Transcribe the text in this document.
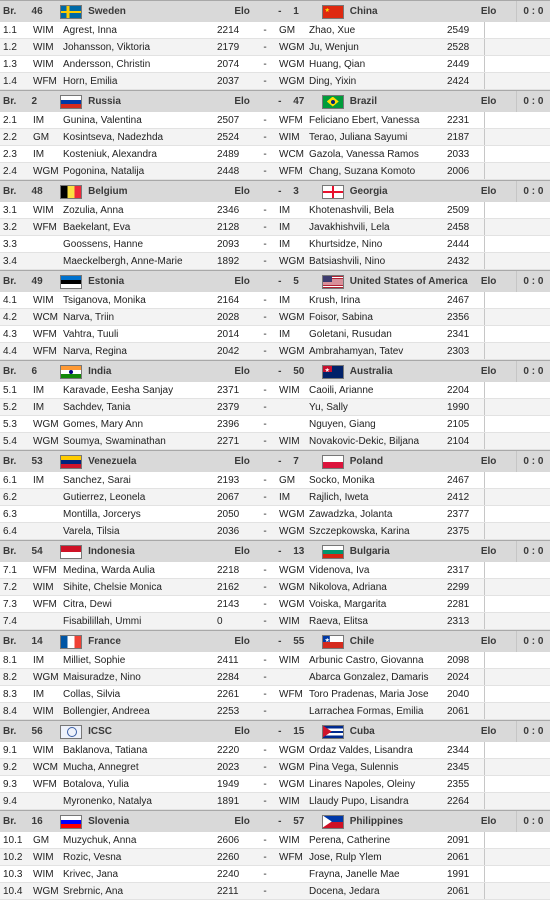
Br.	46	Sweden	Elo	-	1	China	Elo	0 : 0
1.1	WIM Agrest, Inna	2214	-	GM	Zhao, Xue	2549
1.2	WIM Johansson, Viktoria	2179	-	WGM Ju, Wenjun	2528
1.3	WIM Andersson, Christin	2074	-	WGM Huang, Qian	2449
1.4	WFM Horn, Emilia	2037	-	WGM Ding, Yixin	2424
Br.	2	Russia	Elo	-	47	Brazil	Elo	0 : 0
2.1	IM	Gunina, Valentina	2507	-	WFM Feliciano Ebert, Vanessa	2231
2.2	GM	Kosintseva, Nadezhda	2524	-	WIM Terao, Juliana Sayumi	2187
2.3	IM	Kosteniuk, Alexandra	2489	-	WCM Gazola, Vanessa Ramos	2033
2.4	WGM Pogonina, Natalija	2448	-	WFM Chang, Suzana Komoto	2006
Br.	48	Belgium	Elo	-	3	Georgia	Elo	0 : 0
3.1	WIM Zozulia, Anna	2346	-	IM	Khotenashvili, Bela	2509
3.2	WFM Baekelant, Eva	2128	-	IM	Javakhishvili, Lela	2458
3.3	Goossens, Hanne	2093	-	IM	Khurtsidze, Nino	2444
3.4	Maeckelbergh, Anne-Marie	1892	-	WGM Batsiashvili, Nino	2432
Br.	49	Estonia	Elo	-	5	United States of America	Elo	0 : 0
4.1	WIM Tsiganova, Monika	2164	-	IM	Krush, Irina	2467
4.2	WCM Narva, Triin	2028	-	WGM Foisor, Sabina	2356
4.3	WFM Vahtra, Tuuli	2014	-	IM	Goletani, Rusudan	2341
4.4	WFM Narva, Regina	2042	-	WGM Ambrahamyan, Tatev	2303
Br.	6	India	Elo	-	50	Australia	Elo	0 : 0
5.1	IM	Karavade, Eesha Sanjay	2371	-	WIM Caoili, Arianne	2204
5.2	IM	Sachdev, Tania	2379	-	Yu, Sally	1990
5.3	WGM Gomes, Mary Ann	2396	-	Nguyen, Giang	2105
5.4	WGM Soumya, Swaminathan	2271	-	WIM Novakovic-Dekic, Biljana	2104
Br.	53	Venezuela	Elo	-	7	Poland	Elo	0 : 0
6.1	IM	Sanchez, Sarai	2193	-	GM	Socko, Monika	2467
6.2	Gutierrez, Leonela	2067	-	IM	Rajlich, Iweta	2412
6.3	Montilla, Jorcerys	2050	-	WGM Zawadzka, Jolanta	2377
6.4	Varela, Tilsia	2036	-	WGM Szczepkowska, Karina	2375
Br.	54	Indonesia	Elo	-	13	Bulgaria	Elo	0 : 0
7.1	WFM Medina, Warda Aulia	2218	-	WGM Videnova, Iva	2317
7.2	WIM Sihite, Chelsie Monica	2162	-	WGM Nikolova, Adriana	2299
7.3	WFM Citra, Dewi	2143	-	WGM Voiska, Margarita	2281
7.4	Fisabilillah, Ummi	0	-	WIM Raeva, Elitsa	2313
Br.	14	France	Elo	-	55	Chile	Elo	0 : 0
8.1	IM	Milliet, Sophie	2411	-	WIM Arbunic Castro, Giovanna	2098
8.2	WGM Maisuradze, Nino	2284	-	Abarca Gonzalez, Damaris	2024
8.3	IM	Collas, Silvia	2261	-	WFM Toro Pradenas, Maria Jose	2040
8.4	WIM Bollengier, Andreea	2253	-	Larrachea Formas, Emilia	2061
Br.	56	ICSC	Elo	-	15	Cuba	Elo	0 : 0
9.1	WIM Baklanova, Tatiana	2220	-	WGM Ordaz Valdes, Lisandra	2344
9.2	WCM Mucha, Annegret	2023	-	WGM Pina Vega, Sulennis	2345
9.3	WFM Botalova, Yulia	1949	-	WGM Linares Napoles, Oleiny	2355
9.4	Myronenko, Natalya	1891	-	WIM Llaudy Pupo, Lisandra	2264
Br.	16	Slovenia	Elo	-	57	Philippines	Elo	0 : 0
10.1	GM	Muzychuk, Anna	2606	-	WIM Perena, Catherine	2091
10.2	WIM Rozic, Vesna	2260	-	WFM Jose, Rulp Ylem	2061
10.3	WIM Krivec, Jana	2240	-	Frayna, Janelle Mae	1991
10.4	WGM Srebrnic, Ana	2211	-	Docena, Jedara	2061
